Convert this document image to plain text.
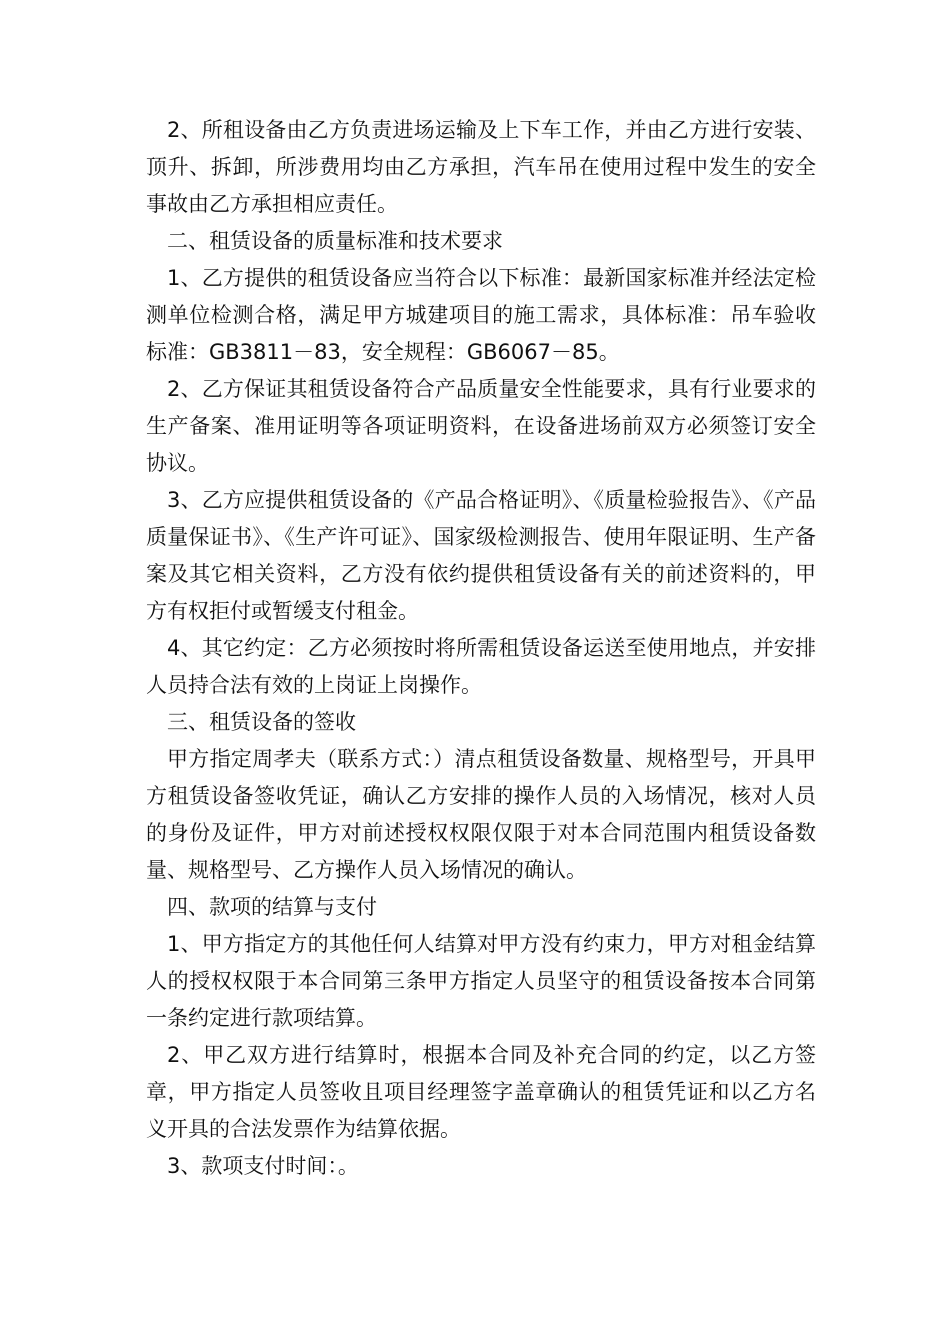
2、所租设备由乙方负责进场运输及上下车工作，并由乙方进行安装、顶升、拆卸，所涉费用均由乙方承担，汽车吊在使用过程中发生的安全事故由乙方承担相应责任。

二、租赁设备的质量标准和技术要求

1、乙方提供的租赁设备应当符合以下标准：最新国家标准并经法定检测单位检测合格，满足甲方城建项目的施工需求，具体标准：吊车验收标准：GB3811－83，安全规程：GB6067－85。

2、乙方保证其租赁设备符合产品质量安全性能要求，具有行业要求的生产备案、准用证明等各项证明资料，在设备进场前双方必须签订安全协议。

3、乙方应提供租赁设备的《产品合格证明》、《质量检验报告》、《产品质量保证书》、《生产许可证》、国家级检测报告、使用年限证明、生产备案及其它相关资料，乙方没有依约提供租赁设备有关的前述资料的，甲方有权拒付或暂缓支付租金。

4、其它约定：乙方必须按时将所需租赁设备运送至使用地点，并安排人员持合法有效的上岗证上岗操作。

三、租赁设备的签收

甲方指定周孝夫（联系方式：）清点租赁设备数量、规格型号，开具甲方租赁设备签收凭证，确认乙方安排的操作人员的入场情况，核对人员的身份及证件，甲方对前述授权权限仅限于对本合同范围内租赁设备数量、规格型号、乙方操作人员入场情况的确认。

四、款项的结算与支付

1、甲方指定方的其他任何人结算对甲方没有约束力，甲方对租金结算人的授权权限于本合同第三条甲方指定人员坚守的租赁设备按本合同第一条约定进行款项结算。

2、甲乙双方进行结算时，根据本合同及补充合同的约定，以乙方签章，甲方指定人员签收且项目经理签字盖章确认的租赁凭证和以乙方名义开具的合法发票作为结算依据。

3、款项支付时间：。
